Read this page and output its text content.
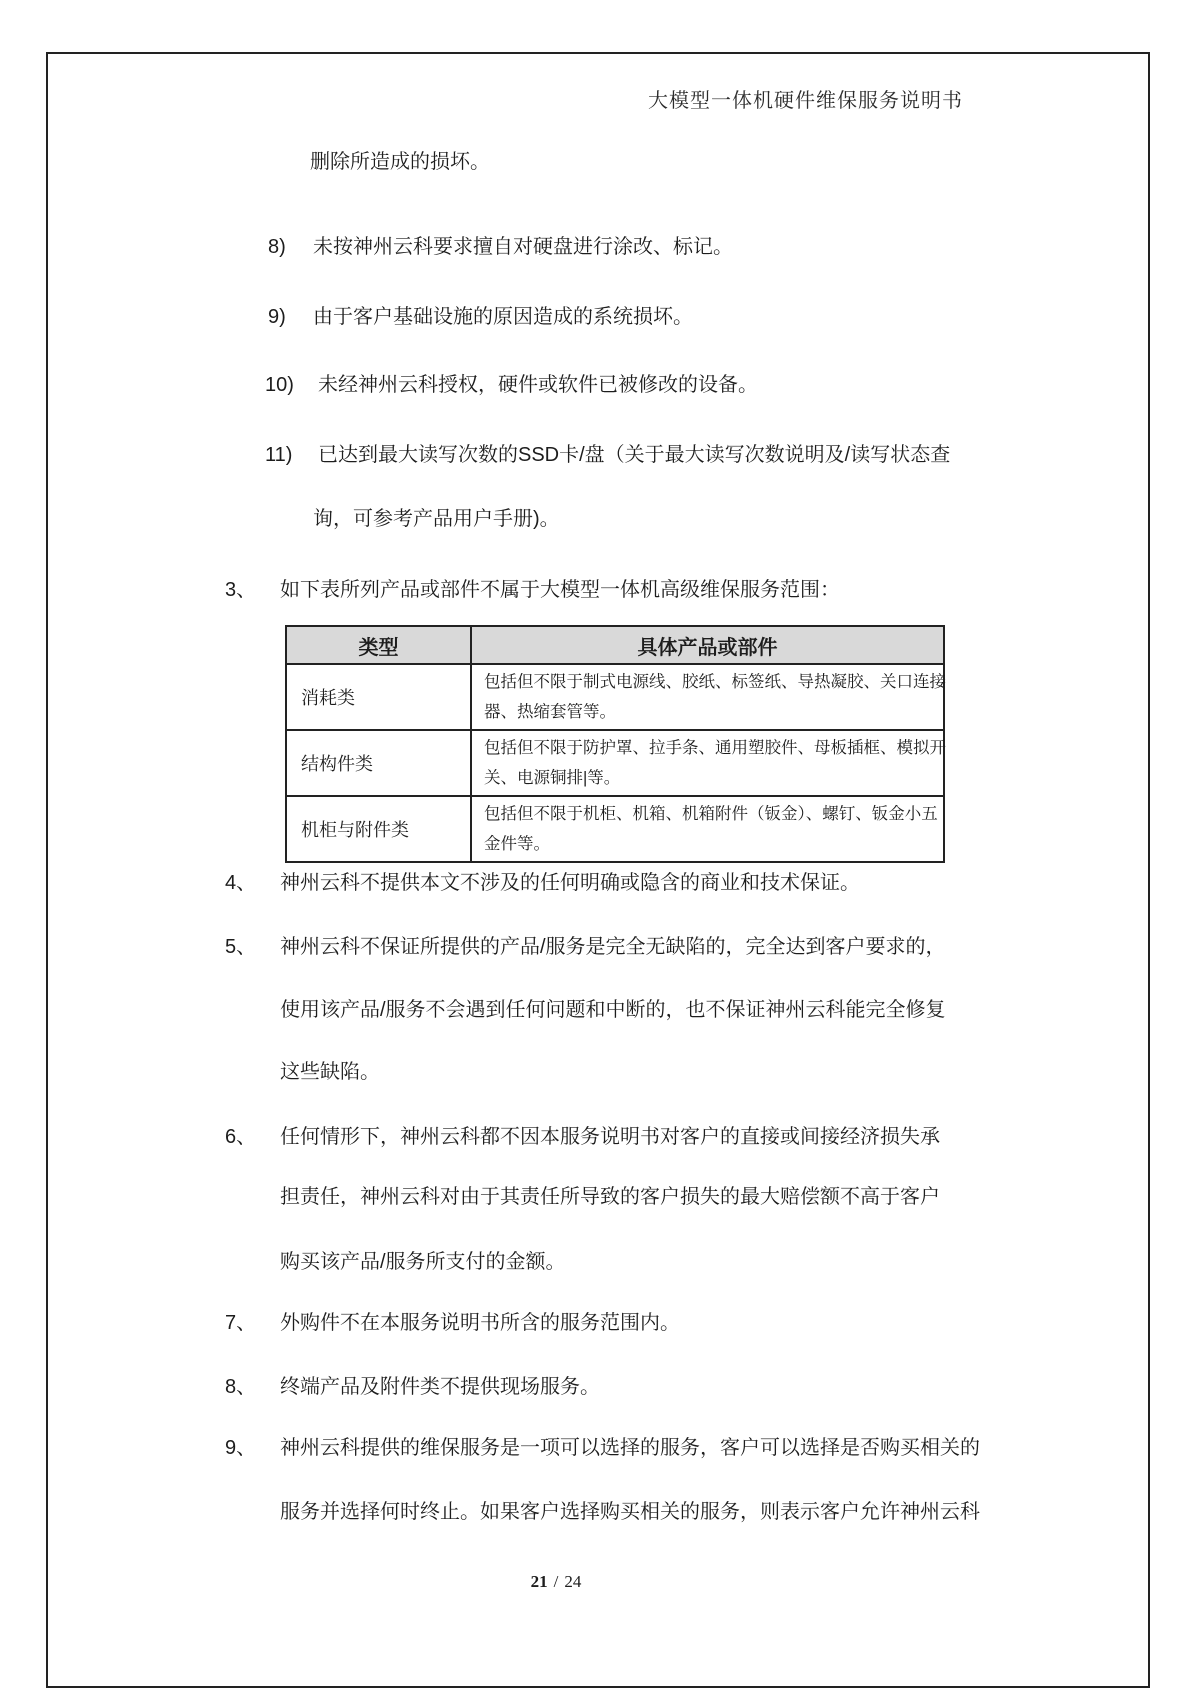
大模型一体机硬件维保服务说明书
删除所造成的损坏。
8) 未按神州云科要求擅自对硬盘进行涂改、标记。
9) 由于客户基础设施的原因造成的系统损坏。
10) 未经神州云科授权，硬件或软件已被修改的设备。
11) 已达到最大读写次数的SSD卡/盘（关于最大读写次数说明及/读写状态查
询，可参考产品用户手册)。
3、 如下表所列产品或部件不属于大模型一体机高级维保服务范围：
类型	具体产品或部件
消耗类	包括但不限于制式电源线、胶纸、标签纸、导热凝胶、关口连接
器、热缩套管等。

结构件类	包括但不限于防护罩、拉手条、通用塑胶件、母板插框、模拟开
关、电源铜排|等。

机柜与附件类	包括但不限于机柜、机箱、机箱附件（钣金）、螺钉、钣金小五
金件等。
4、 神州云科不提供本文不涉及的任何明确或隐含的商业和技术保证。
5、 神州云科不保证所提供的产品/服务是完全无缺陷的，完全达到客户要求的，
使用该产品/服务不会遇到任何问题和中断的，也不保证神州云科能完全修复
这些缺陷。
6、 任何情形下，神州云科都不因本服务说明书对客户的直接或间接经济损失承
担责任，神州云科对由于其责任所导致的客户损失的最大赔偿额不高于客户
购买该产品/服务所支付的金额。
7、 外购件不在本服务说明书所含的服务范围内。
8、 终端产品及附件类不提供现场服务。
9、 神州云科提供的维保服务是一项可以选择的服务，客户可以选择是否购买相关的
服务并选择何时终止。如果客户选择购买相关的服务，则表示客户允许神州云科
21 / 24
